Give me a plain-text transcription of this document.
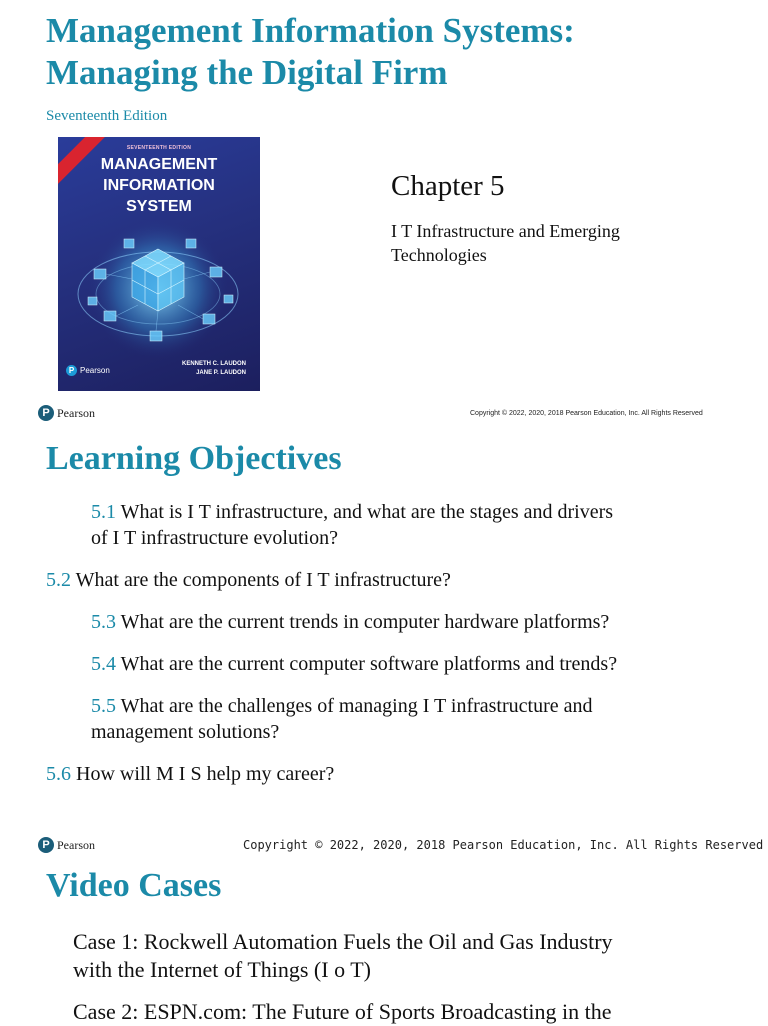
Management Information Systems:
Managing the Digital Firm
Seventeenth Edition
SEVENTEENTH EDITION
MANAGEMENT
INFORMATION
SYSTEM
KENNETH C. LAUDON
JANE P. LAUDON
P Pearson
Chapter 5
I T Infrastructure and Emerging
Technologies
P Pearson	Copyright © 2022, 2020, 2018 Pearson Education, Inc. All Rights Reserved
Learning Objectives
5.1 What is I T infrastructure, and what are the stages and drivers
of I T infrastructure evolution?
5.2 What are the components of I T infrastructure?
5.3 What are the current trends in computer hardware platforms?
5.4 What are the current computer software platforms and trends?
5.5 What are the challenges of managing I T infrastructure and
management solutions?
5.6 How will M I S help my career?
P Pearson	Copyright © 2022, 2020, 2018 Pearson Education, Inc. All Rights Reserved
Video Cases
Case 1: Rockwell Automation Fuels the Oil and Gas Industry
with the Internet of Things (I o T)
Case 2: ESPN.com: The Future of Sports Broadcasting in the
